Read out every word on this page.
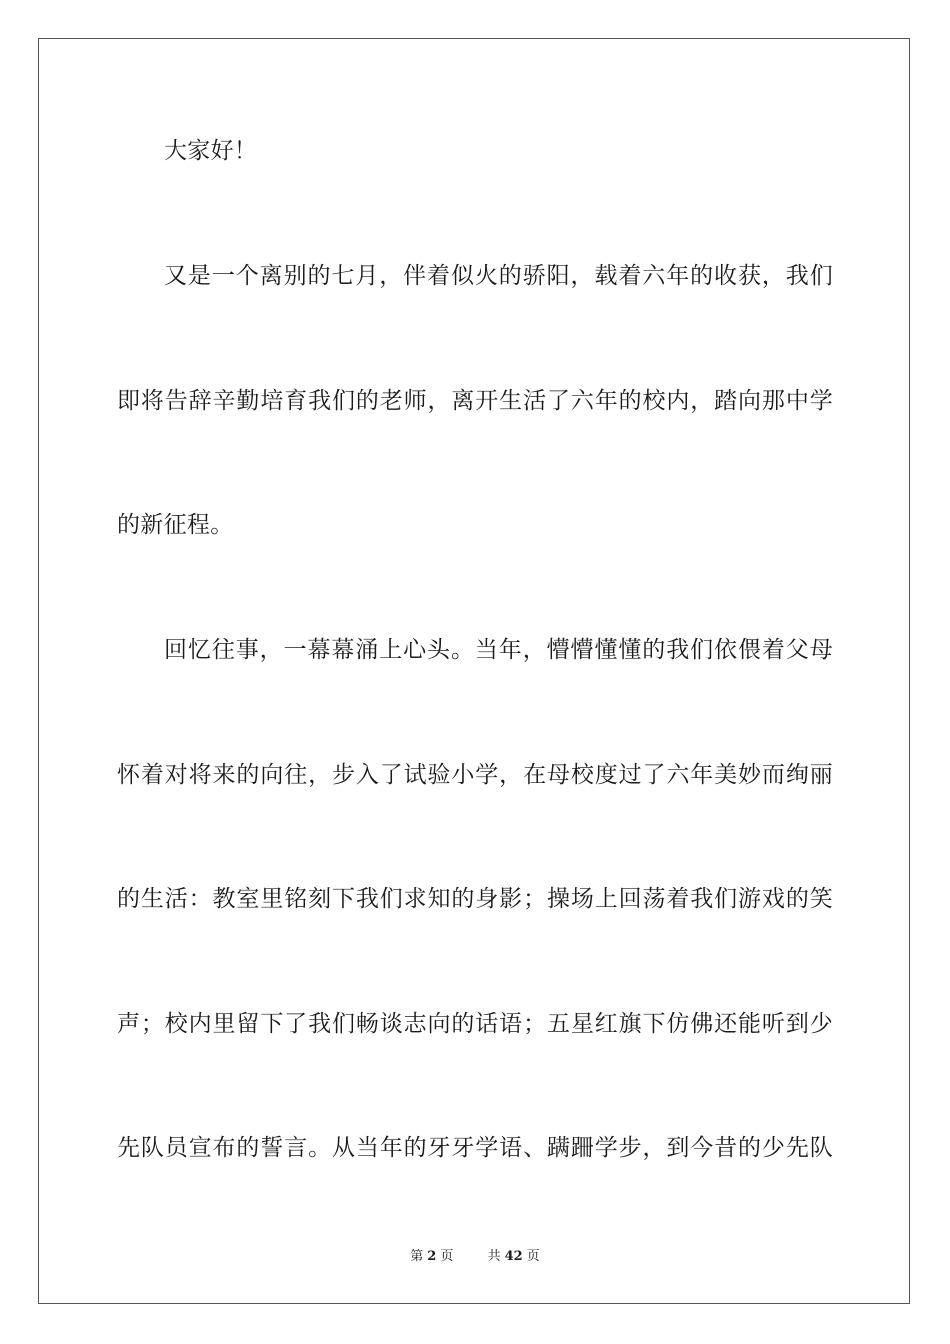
大家好！
又是一个离别的七月，伴着似火的骄阳，载着六年的收获，我们
即将告辞辛勤培育我们的老师，离开生活了六年的校内，踏向那中学
的新征程。
回忆往事，一幕幕涌上心头。当年，懵懵懂懂的我们依偎着父母
怀着对将来的向往，步入了试验小学，在母校度过了六年美妙而绚丽
的生活：教室里铭刻下我们求知的身影；操场上回荡着我们游戏的笑
声；校内里留下了我们畅谈志向的话语；五星红旗下仿佛还能听到少
先队员宣布的誓言。从当年的牙牙学语、蹒跚学步，到今昔的少先队
第 2 页	共 42 页
